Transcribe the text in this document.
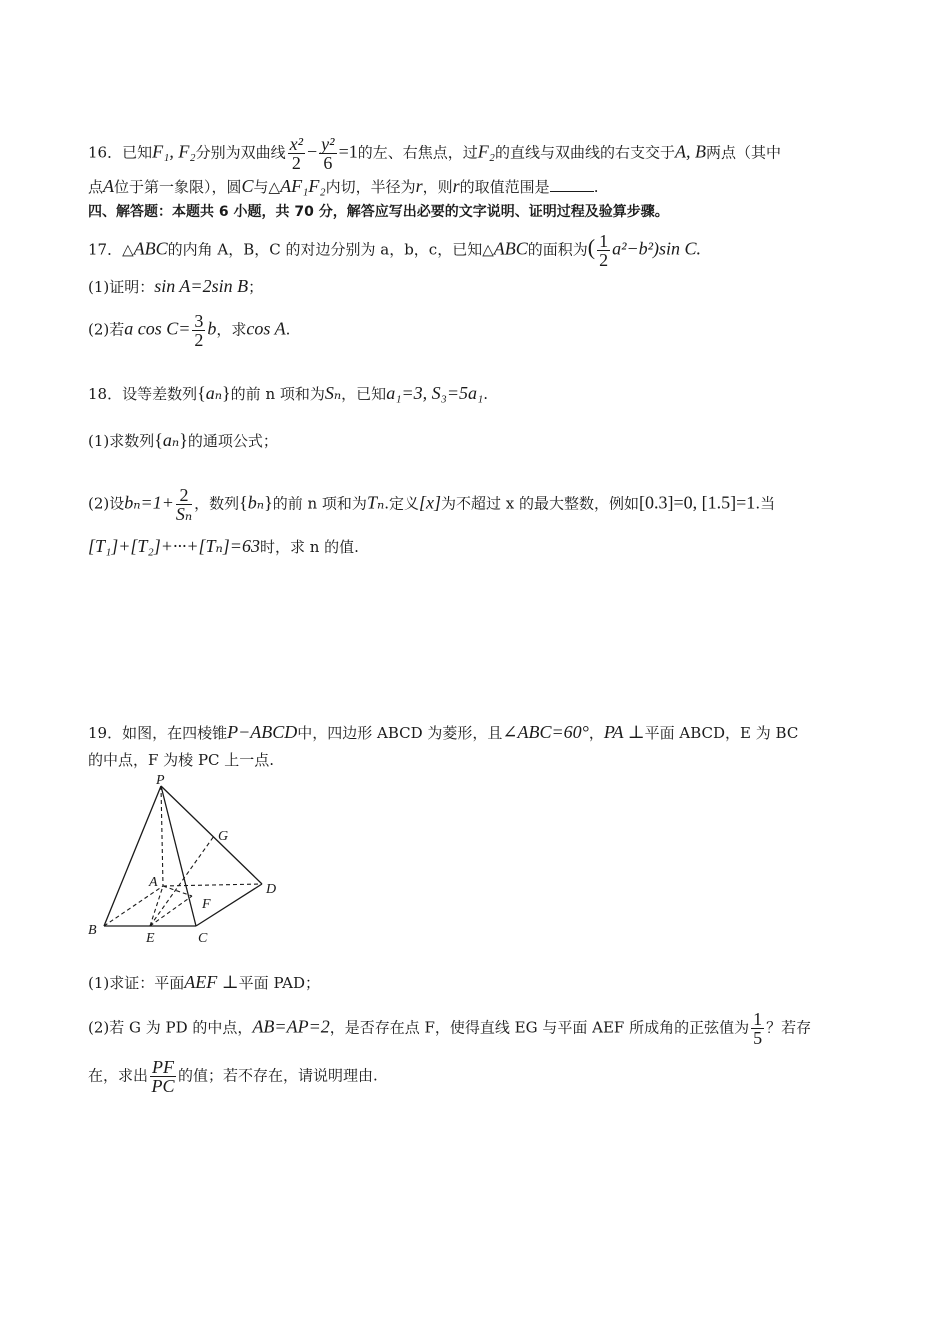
16．已知F₁, F₂分别为双曲线 $\frac{\text{x²}}{2} - \frac{\text{y²}}{6} =1$的左、右焦点，过F₂的直线与双曲线的右支交于A, B两点（其中
点A位于第一象限），圆C与△AF₁F₂内切，半径为r，则r的取值范围是	.
四、解答题：本题共 6 小题，共 70 分，解答应写出必要的文字说明、证明过程及验算步骤。
17．△ABC的内角 A，B，C 的对边分别为 a，b，c，已知△ABC的面积为( $\frac{1}{2} a^2-b^2)\sin$ C.
(1)证明：sin A=2sin B；
(2)若a $\cos C= \frac{3}{2}$ b，求cos A.
18．设等差数列{aₙ}的前 n 项和为Sₙ，已知a₁=3, S₃=5a₁.
(1)求数列{aₙ}的通项公式；
(2)设$b_n=1+ \frac{2}{\text{Sₙ}}$ ，数列{bₙ}的前 n 项和为Tₙ.定义[x]为不超过 x 的最大整数，例如[0.3]=0, [1.5]=1.当
[T₁]+[T₂]+···+[Tₙ]=63时，求 n 的值.
19．如图，在四棱锥P−ABCD中，四边形 ABCD 为菱形，且∠ABC=60°，PA ⊥平面 ABCD，E 为 BC
的中点，F 为棱 PC 上一点.
P
G
A	D
F
B
E	C
(1)求证：平面AEF ⊥平面 PAD；
(2)若 G 为 PD 的中点，AB=AP=2，是否存在点 F，使得直线 EG 与平面 AEF 所成角的正弦值为 $\frac{1}{5}$ ？若存
在，求出 $\frac{PF}{PC}$ 的值；若不存在，请说明理由.
